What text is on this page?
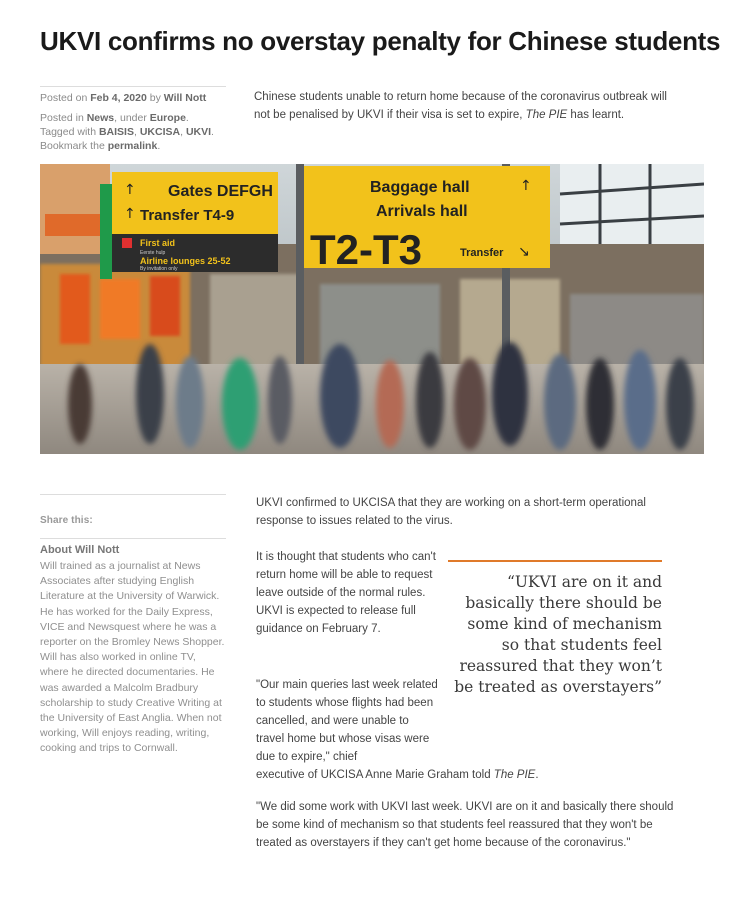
UKVI confirms no overstay penalty for Chinese students
Posted on Feb 4, 2020 by Will Nott
Posted in News, under Europe.
Tagged with BAISIS, UKCISA, UKVI.
Bookmark the permalink.

Chinese students unable to return home because of the coronavirus outbreak will not be penalised by UKVI if their visa is set to expire, The PIE has learnt.

Gates DEFGH
Transfer T4-9
↑
↑
First aid
Eerste hulp
Airline lounges 25-52
By invitation only
Baggage hall
Arrivals hall
T2-T3	Transfer
↑
↘
Share this:
About Will Nott
Will trained as a journalist at News Associates after studying English Literature at the University of Warwick. He has worked for the Daily Express, VICE and Newsquest where he was a reporter on the Bromley News Shopper. Will has also worked in online TV, where he directed documentaries. He was awarded a Malcolm Bradbury scholarship to study Creative Writing at the University of East Anglia. When not working, Will enjoys reading, writing, cooking and trips to Cornwall.

UKVI confirmed to UKCISA that they are working on a short-term operational response to issues related to the virus.

It is thought that students who can't return home will be able to request leave outside of the normal rules. UKVI is expected to release full guidance on February 7.

"Our main queries last week related to students whose flights had been cancelled, and were unable to travel home but whose visas were due to expire," chief

executive of UKCISA Anne Marie Graham told The PIE.

"We did some work with UKVI last week. UKVI are on it and basically there should be some kind of mechanism so that students feel reassured that they won't be treated as overstayers if they can't get home because of the coronavirus."

“UKVI are on it and basically there should be some kind of mechanism so that students feel reassured that they won’t be treated as overstayers”
